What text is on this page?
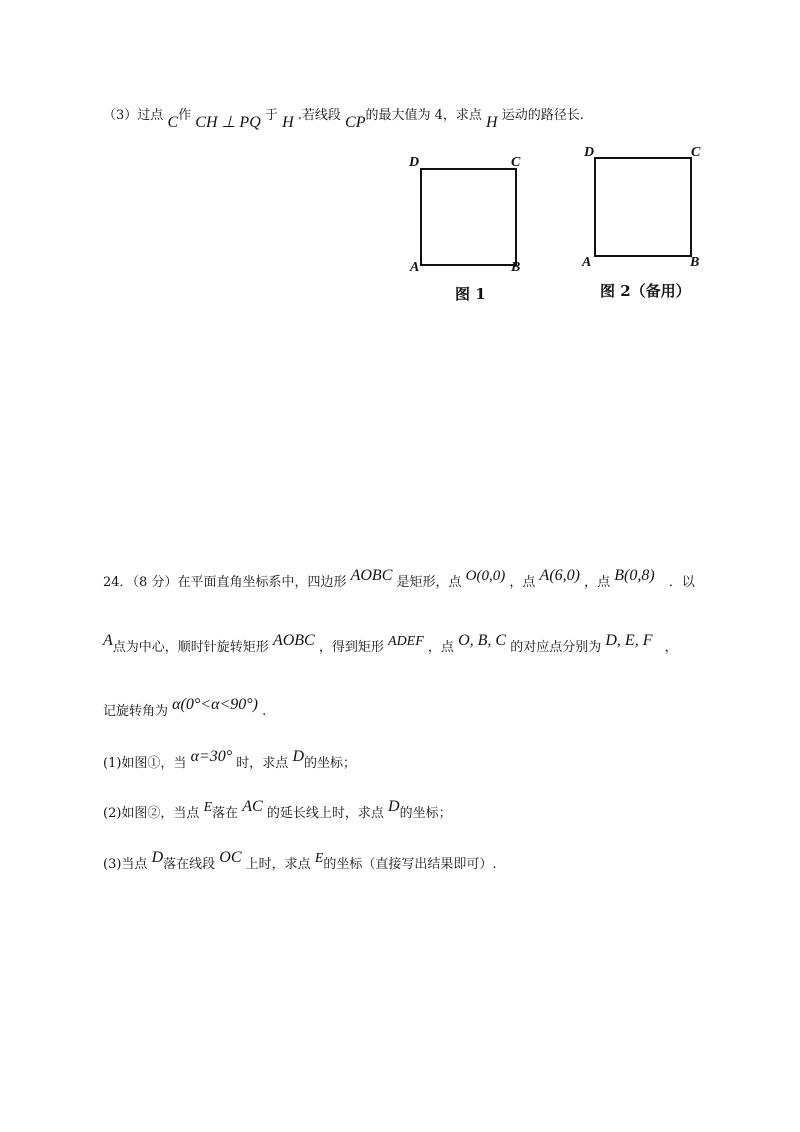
（3）过点 C作 CH ⊥ PQ 于 H .若线段 CP的最大值为 4，求点 H 运动的路径长.
D	C
A	B
图 1
D	C
A	B
图 2（备用）
24．（8 分）在平面直角坐标系中，四边形 AOBC 是矩形，点 O(0,0) ，点 A(6,0) ，点 B(0,8) ．以
A点为中心，顺时针旋转矩形 AOBC ，得到矩形 ADEF ，点 O, B, C 的对应点分别为 D, E, F ，
记旋转角为 α(0°<α<90°) .
(1)如图①，当 α=30° 时，求点 D的坐标；
(2)如图②，当点 E落在 AC 的延长线上时，求点 D的坐标；
(3)当点 D落在线段 OC 上时，求点 E的坐标（直接写出结果即可）.
